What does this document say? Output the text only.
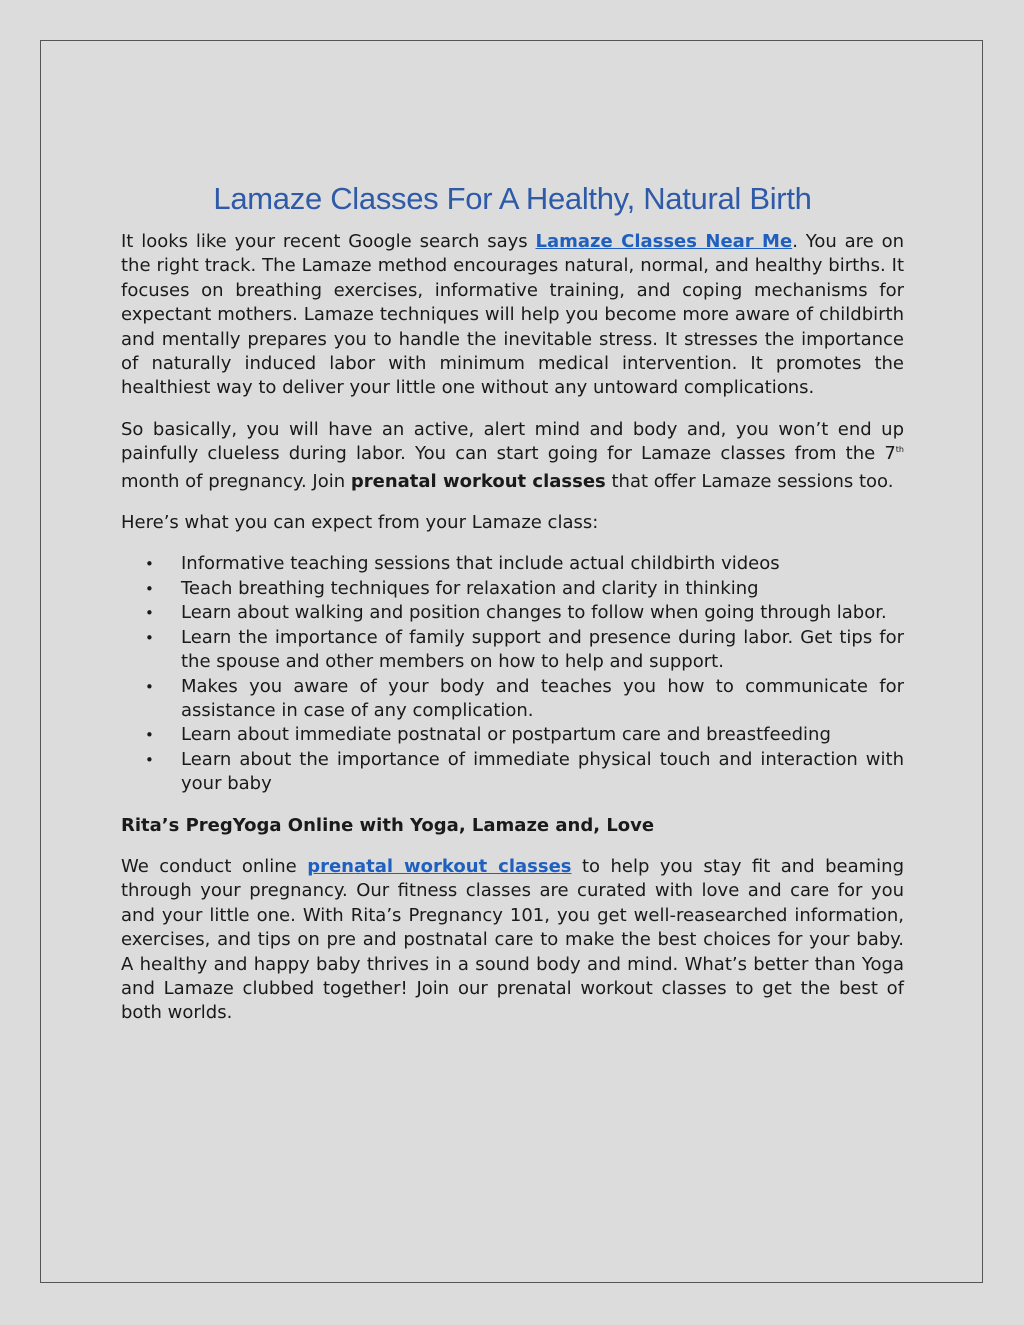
Lamaze Classes For A Healthy, Natural Birth

It looks like your recent Google search says Lamaze Classes Near Me. You are on the right track. The Lamaze method encourages natural, normal, and healthy births. It focuses on breathing exercises, informative training, and coping mechanisms for expectant mothers. Lamaze techniques will help you become more aware of childbirth and mentally prepares you to handle the inevitable stress. It stresses the importance of naturally induced labor with minimum medical intervention. It promotes the healthiest way to deliver your little one without any untoward complications.

So basically, you will have an active, alert mind and body and, you won’t end up painfully clueless during labor. You can start going for Lamaze classes from the 7th month of pregnancy. Join prenatal workout classes that offer Lamaze sessions too.

Here’s what you can expect from your Lamaze class:

• Informative teaching sessions that include actual childbirth videos
• Teach breathing techniques for relaxation and clarity in thinking
• Learn about walking and position changes to follow when going through labor.
• Learn the importance of family support and presence during labor. Get tips for the spouse and other members on how to help and support.
• Makes you aware of your body and teaches you how to communicate for assistance in case of any complication.
• Learn about immediate postnatal or postpartum care and breastfeeding
• Learn about the importance of immediate physical touch and interaction with your baby

Rita’s PregYoga Online with Yoga, Lamaze and, Love

We conduct online prenatal workout classes to help you stay fit and beaming through your pregnancy. Our fitness classes are curated with love and care for you and your little one. With Rita’s Pregnancy 101, you get well-reasearched information, exercises, and tips on pre and postnatal care to make the best choices for your baby. A healthy and happy baby thrives in a sound body and mind. What’s better than Yoga and Lamaze clubbed together! Join our prenatal workout classes to get the best of both worlds.
